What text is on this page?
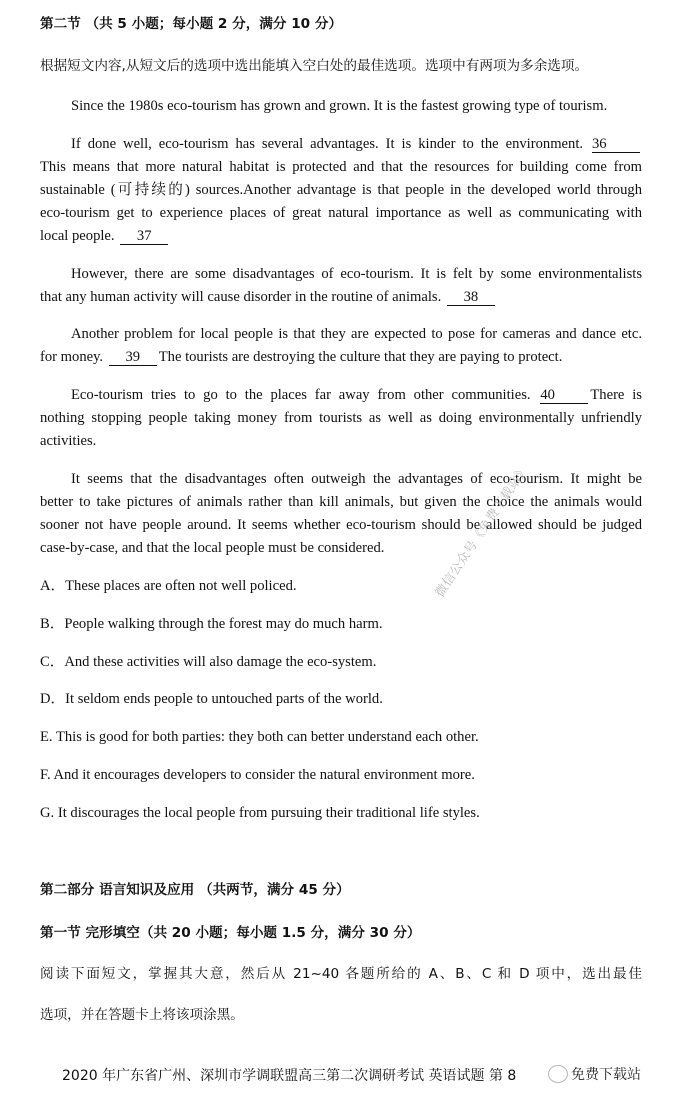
第二节 （共 5 小题；每小题 2 分，满分 10 分）
根据短文内容,从短文后的选项中选出能填入空白处的最佳选项。选项中有两项为多余选项。
Since the 1980s eco-tourism has grown and grown. It is the fastest growing type of tourism.
If done well, eco-tourism has several advantages. It is kinder to the environment. 36
This means that more natural habitat is protected and that the resources for building come from
sustainable (可持续的) sources.Another advantage is that people in the developed world through
eco-tourism get to experience places of great natural importance as well as communicating with
local people. 37
However, there are some disadvantages of eco-tourism. It is felt by some environmentalists
that any human activity will cause disorder in the routine of animals. 38
Another problem for local people is that they are expected to pose for cameras and dance etc.
for money. 39 The tourists are destroying the culture that they are paying to protect.
Eco-tourism tries to go to the places far away from other communities. 40 There is
nothing stopping people taking money from tourists as well as doing environmentally unfriendly
activities.
It seems that the disadvantages often outweigh the advantages of eco-tourism. It might be
better to take pictures of animals rather than kill animals, but given the choice the animals would
sooner not have people around. It seems whether eco-tourism should be allowed should be judged
case-by-case, and that the local people must be considered.
A．These places are often not well policed.
B．People walking through the forest may do much harm.
C．And these activities will also damage the eco-system.
D．It seldom ends people to untouched parts of the world.
E. This is good for both parties: they both can better understand each other.
F. And it encourages developers to consider the natural environment more.
G. It discourages the local people from pursuing their traditional life styles.
第二部分 语言知识及应用 （共两节，满分 45 分）
第一节 完形填空（共 20 小题；每小题 1.5 分，满分 30 分）
阅读下面短文，掌握其大意，然后从 21~40 各题所给的 A、B、C 和 D 项中，选出最佳
选项，并在答题卡上将该项涂黑。
微信公众号《免费下载站》
2020 年广东省广州、深圳市学调联盟高三第二次调研考试 英语试题 第 8	免费下载站
